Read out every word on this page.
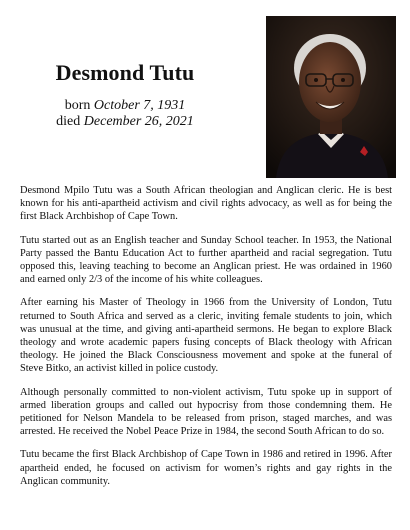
Desmond Tutu
born October 7, 1931
died December 26, 2021

Desmond Mpilo Tutu was a South African theologian and Anglican cleric. He is best known for his anti-apartheid activism and civil rights advocacy, as well as for being the first Black Archbishop of Cape Town.

Tutu started out as an English teacher and Sunday School teacher. In 1953, the National Party passed the Bantu Education Act to further apartheid and racial segregation. Tutu opposed this, leaving teaching to become an Anglican priest. He was ordained in 1960 and earned only 2/3 of the income of his white colleagues.

After earning his Master of Theology in 1966 from the University of London, Tutu returned to South Africa and served as a cleric, inviting female students to join, which was unusual at the time, and giving anti-apartheid sermons. He began to explore Black theology and wrote academic papers fusing concepts of Black theology with African theology. He joined the Black Consciousness movement and spoke at the funeral of Steve Bitko, an activist killed in police custody.

Although personally committed to non-violent activism, Tutu spoke up in support of armed liberation groups and called out hypocrisy from those condemning them. He petitioned for Nelson Mandela to be released from prison, staged marches, and was arrested. He received the Nobel Peace Prize in 1984, the second South African to do so.

Tutu became the first Black Archbishop of Cape Town in 1986 and retired in 1996. After apartheid ended, he focused on activism for women’s rights and gay rights in the Anglican community.
